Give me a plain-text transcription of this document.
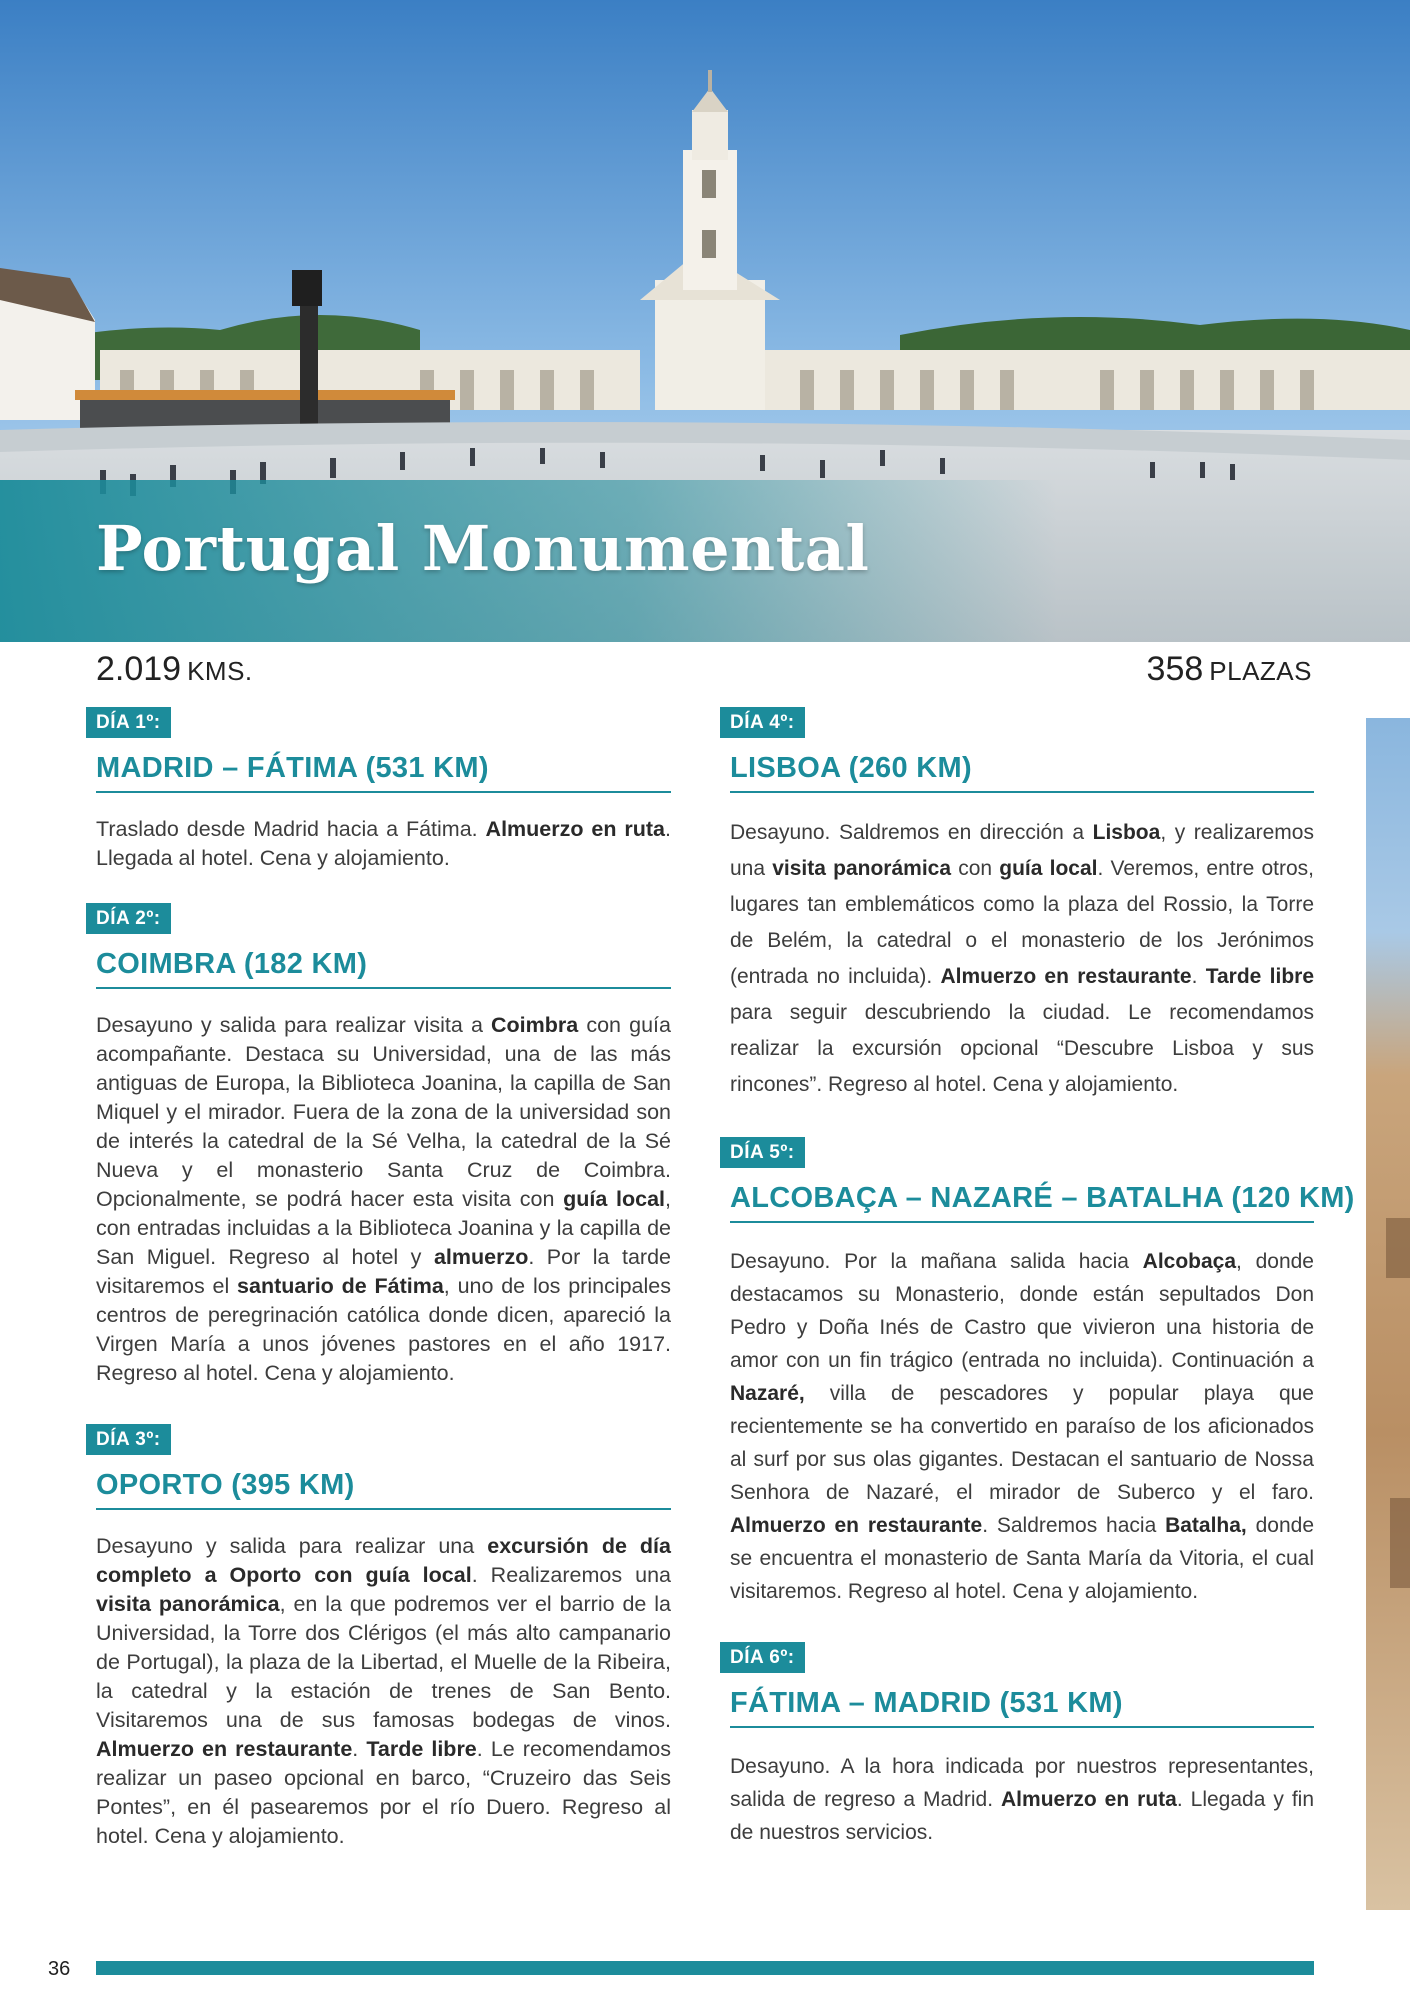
Portugal Monumental
2.019 KMS.	358 PLAZAS
DÍA 1º:
MADRID – FÁTIMA (531 KM)
Traslado desde Madrid hacia a Fátima. Almuerzo en ruta. Llegada al hotel. Cena y alojamiento.
DÍA 2º:
COIMBRA (182 KM)
Desayuno y salida para realizar visita a Coimbra con guía acompañante. Destaca su Universidad, una de las más antiguas de Europa, la Biblioteca Joanina, la capilla de San Miquel y el mirador. Fuera de la zona de la universidad son de interés la catedral de la Sé Velha, la catedral de la Sé Nueva y el monasterio Santa Cruz de Coimbra. Opcionalmente, se podrá hacer esta visita con guía local, con entradas incluidas a la Biblioteca Joanina y la capilla de San Miguel. Regreso al hotel y almuerzo. Por la tarde visitaremos el santuario de Fátima, uno de los principales centros de peregrinación católica donde dicen, apareció la Virgen María a unos jóvenes pastores en el año 1917. Regreso al hotel. Cena y alojamiento.
DÍA 3º:
OPORTO (395 KM)
Desayuno y salida para realizar una excursión de día completo a Oporto con guía local. Realizaremos una visita panorámica, en la que podremos ver el barrio de la Universidad, la Torre dos Clérigos (el más alto campanario de Portugal), la plaza de la Libertad, el Muelle de la Ribeira, la catedral y la estación de trenes de San Bento. Visitaremos una de sus famosas bodegas de vinos. Almuerzo en restaurante. Tarde libre. Le recomendamos realizar un paseo opcional en barco, “Cruzeiro das Seis Pontes”, en él pasearemos por el río Duero. Regreso al hotel. Cena y alojamiento.
DÍA 4º:
LISBOA (260 KM)
Desayuno. Saldremos en dirección a Lisboa, y realizaremos una visita panorámica con guía local. Veremos, entre otros, lugares tan emblemáticos como la plaza del Rossio, la Torre de Belém, la catedral o el monasterio de los Jerónimos (entrada no incluida). Almuerzo en restaurante. Tarde libre para seguir descubriendo la ciudad. Le recomendamos realizar la excursión opcional “Descubre Lisboa y sus rincones”. Regreso al hotel. Cena y alojamiento.
DÍA 5º:
ALCOBAÇA – NAZARÉ – BATALHA (120 KM)
Desayuno. Por la mañana salida hacia Alcobaça, donde destacamos su Monasterio, donde están sepultados Don Pedro y Doña Inés de Castro que vivieron una historia de amor con un fin trágico (entrada no incluida). Continuación a Nazaré, villa de pescadores y popular playa que recientemente se ha convertido en paraíso de los aficionados al surf por sus olas gigantes. Destacan el santuario de Nossa Senhora de Nazaré, el mirador de Suberco y el faro. Almuerzo en restaurante. Saldremos hacia Batalha, donde se encuentra el monasterio de Santa María da Vitoria, el cual visitaremos. Regreso al hotel. Cena y alojamiento.
DÍA 6º:
FÁTIMA – MADRID (531 KM)
Desayuno. A la hora indicada por nuestros representantes, salida de regreso a Madrid. Almuerzo en ruta. Llegada y fin de nuestros servicios.
36
